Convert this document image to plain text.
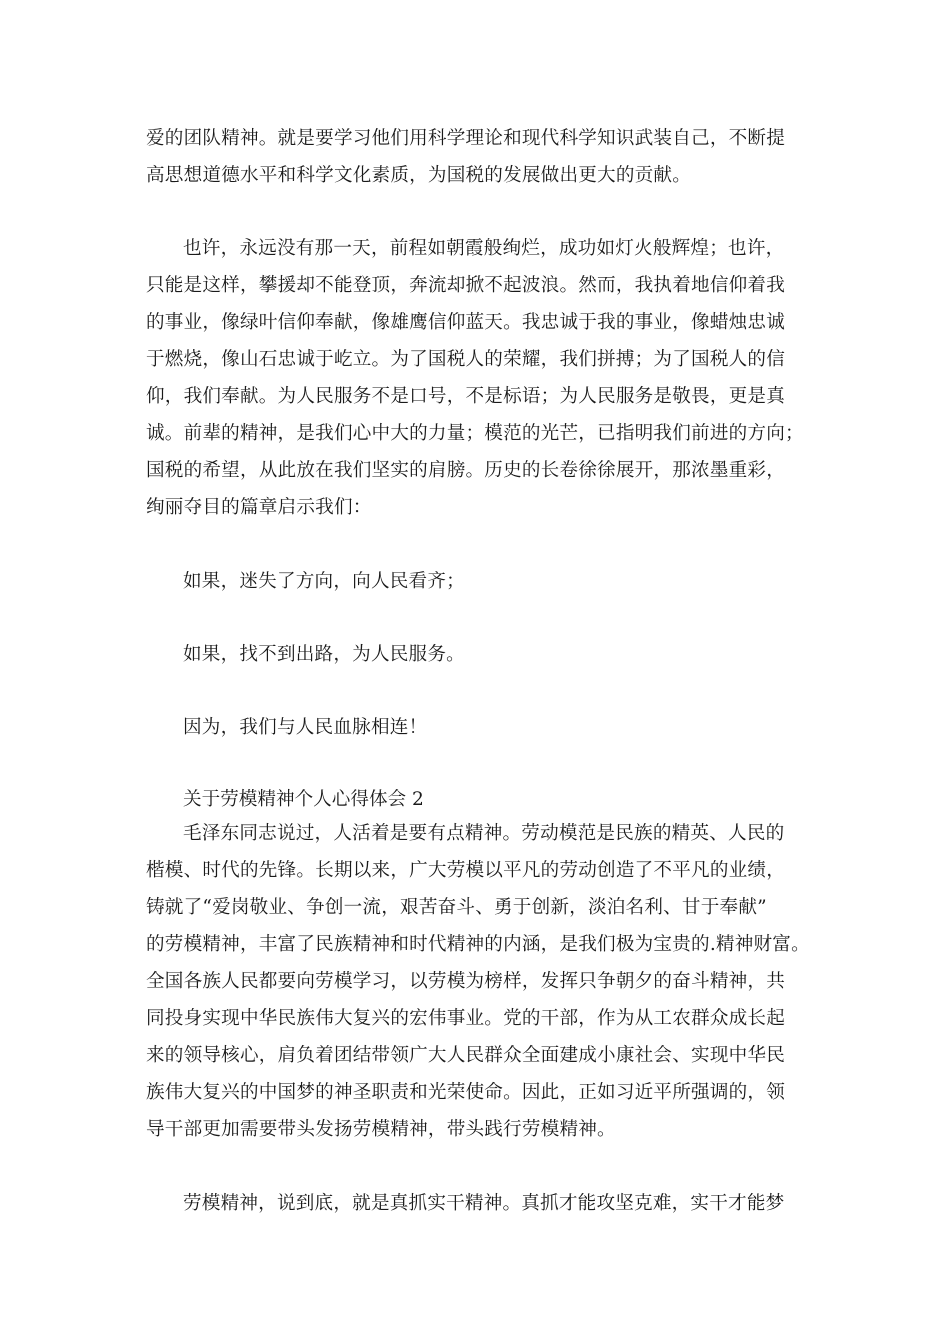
爱的团队精神。就是要学习他们用科学理论和现代科学知识武装自己，不断提
高思想道德水平和科学文化素质，为国税的发展做出更大的贡献。

也许，永远没有那一天，前程如朝霞般绚烂，成功如灯火般辉煌；也许，
只能是这样，攀援却不能登顶，奔流却掀不起波浪。然而，我执着地信仰着我
的事业，像绿叶信仰奉献，像雄鹰信仰蓝天。我忠诚于我的事业，像蜡烛忠诚
于燃烧，像山石忠诚于屹立。为了国税人的荣耀，我们拼搏；为了国税人的信
仰，我们奉献。为人民服务不是口号，不是标语；为人民服务是敬畏，更是真
诚。前辈的精神，是我们心中大的力量；模范的光芒，已指明我们前进的方向；
国税的希望，从此放在我们坚实的肩膀。历史的长卷徐徐展开，那浓墨重彩，
绚丽夺目的篇章启示我们：

如果，迷失了方向，向人民看齐；

如果，找不到出路，为人民服务。

因为，我们与人民血脉相连！

关于劳模精神个人心得体会 2

毛泽东同志说过，人活着是要有点精神。劳动模范是民族的精英、人民的
楷模、时代的先锋。长期以来，广大劳模以平凡的劳动创造了不平凡的业绩，
铸就了“爱岗敬业、争创一流，艰苦奋斗、勇于创新，淡泊名利、甘于奉献”
的劳模精神，丰富了民族精神和时代精神的内涵，是我们极为宝贵的.精神财富。
全国各族人民都要向劳模学习，以劳模为榜样，发挥只争朝夕的奋斗精神，共
同投身实现中华民族伟大复兴的宏伟事业。党的干部，作为从工农群众成长起
来的领导核心，肩负着团结带领广大人民群众全面建成小康社会、实现中华民
族伟大复兴的中国梦的神圣职责和光荣使命。因此，正如习近平所强调的，领
导干部更加需要带头发扬劳模精神，带头践行劳模精神。

劳模精神，说到底，就是真抓实干精神。真抓才能攻坚克难，实干才能梦
